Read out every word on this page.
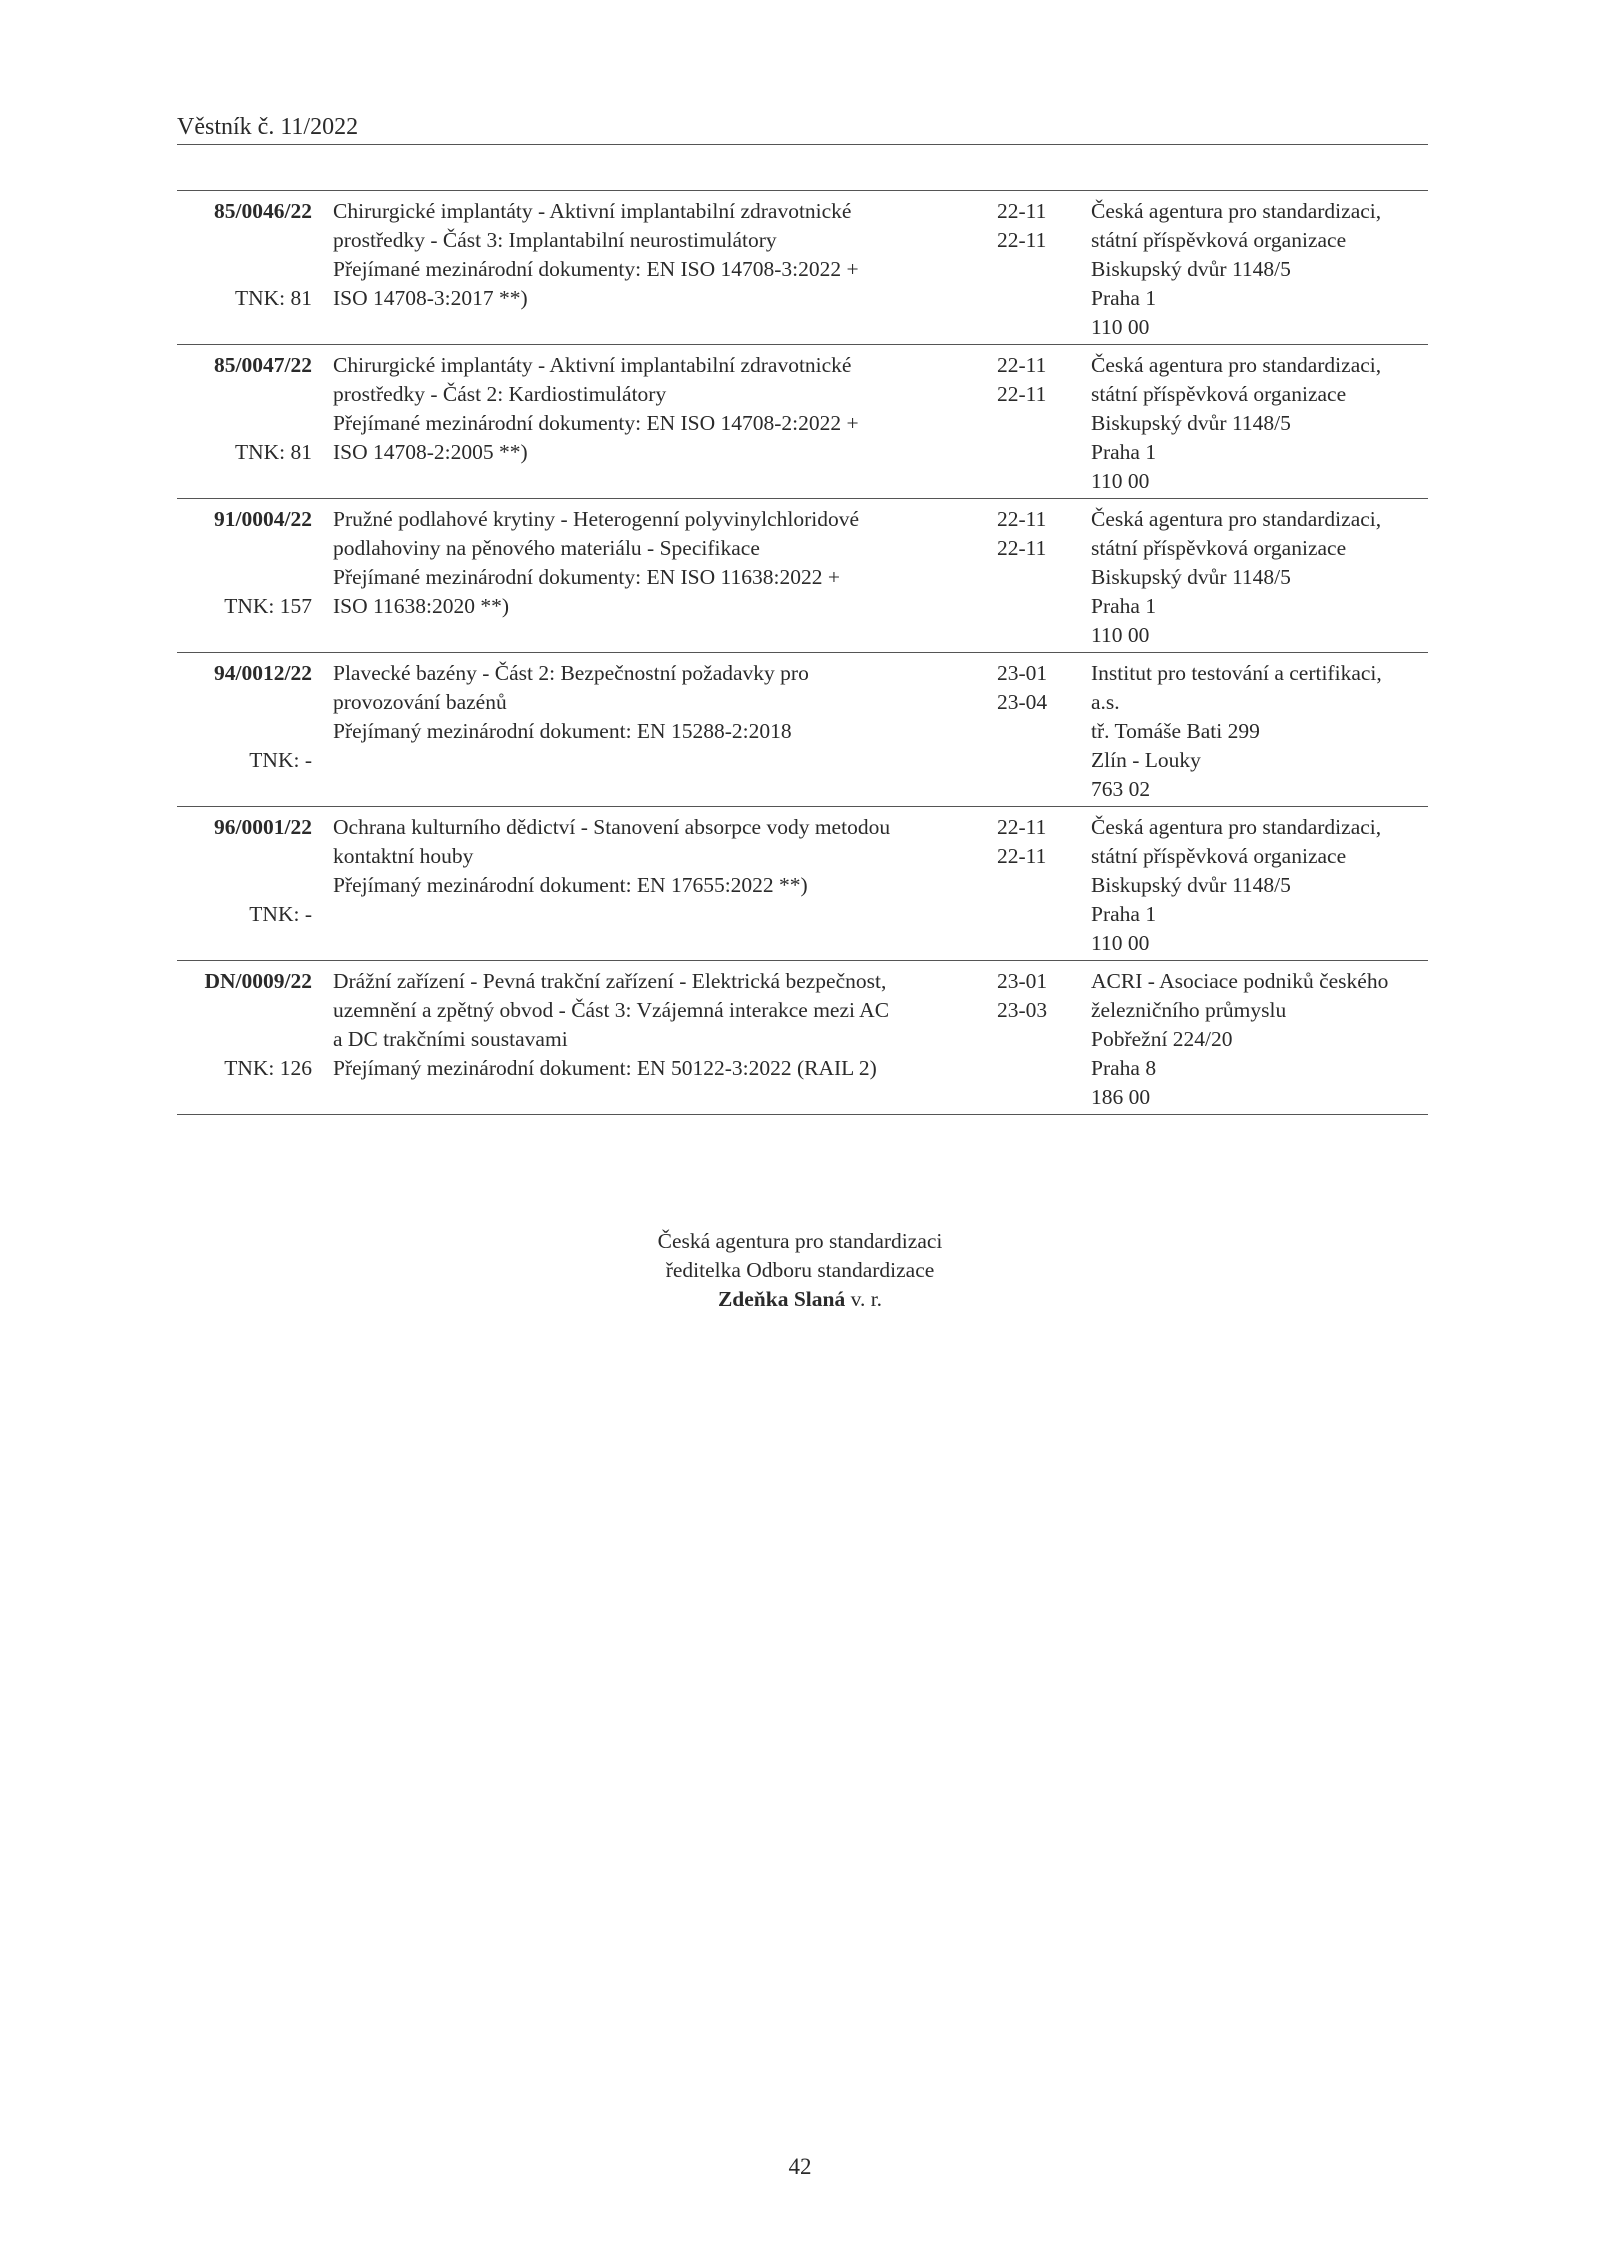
Věstník č. 11/2022
85/0046/22
TNK: 81
Chirurgické implantáty - Aktivní implantabilní zdravotnické
prostředky - Část 3: Implantabilní neurostimulátory
Přejímané mezinárodní dokumenty: EN ISO 14708-3:2022 +
ISO 14708-3:2017 **)
22-11
22-11
Česká agentura pro standardizaci,
státní příspěvková organizace
Biskupský dvůr 1148/5
Praha 1
110 00
85/0047/22
TNK: 81
Chirurgické implantáty - Aktivní implantabilní zdravotnické
prostředky - Část 2: Kardiostimulátory
Přejímané mezinárodní dokumenty: EN ISO 14708-2:2022 +
ISO 14708-2:2005 **)
22-11
22-11
Česká agentura pro standardizaci,
státní příspěvková organizace
Biskupský dvůr 1148/5
Praha 1
110 00
91/0004/22
TNK: 157
Pružné podlahové krytiny - Heterogenní polyvinylchloridové
podlahoviny na pěnového materiálu - Specifikace
Přejímané mezinárodní dokumenty: EN ISO 11638:2022 +
ISO 11638:2020 **)
22-11
22-11
Česká agentura pro standardizaci,
státní příspěvková organizace
Biskupský dvůr 1148/5
Praha 1
110 00
94/0012/22
TNK: -
Plavecké bazény - Část 2: Bezpečnostní požadavky pro
provozování bazénů
Přejímaný mezinárodní dokument: EN 15288-2:2018
23-01
23-04
Institut pro testování a certifikaci,
a.s.
tř. Tomáše Bati 299
Zlín - Louky
763 02
96/0001/22
TNK: -
Ochrana kulturního dědictví - Stanovení absorpce vody metodou
kontaktní houby
Přejímaný mezinárodní dokument: EN 17655:2022 **)
22-11
22-11
Česká agentura pro standardizaci,
státní příspěvková organizace
Biskupský dvůr 1148/5
Praha 1
110 00
DN/0009/22
TNK: 126
Drážní zařízení - Pevná trakční zařízení - Elektrická bezpečnost,
uzemnění a zpětný obvod - Část 3: Vzájemná interakce mezi AC
a DC trakčními soustavami
Přejímaný mezinárodní dokument: EN 50122-3:2022 (RAIL 2)
23-01
23-03
ACRI - Asociace podniků českého
železničního průmyslu
Pobřežní 224/20
Praha 8
186 00
Česká agentura pro standardizaci
ředitelka Odboru standardizace
Zdeňka Slaná v. r.
42
